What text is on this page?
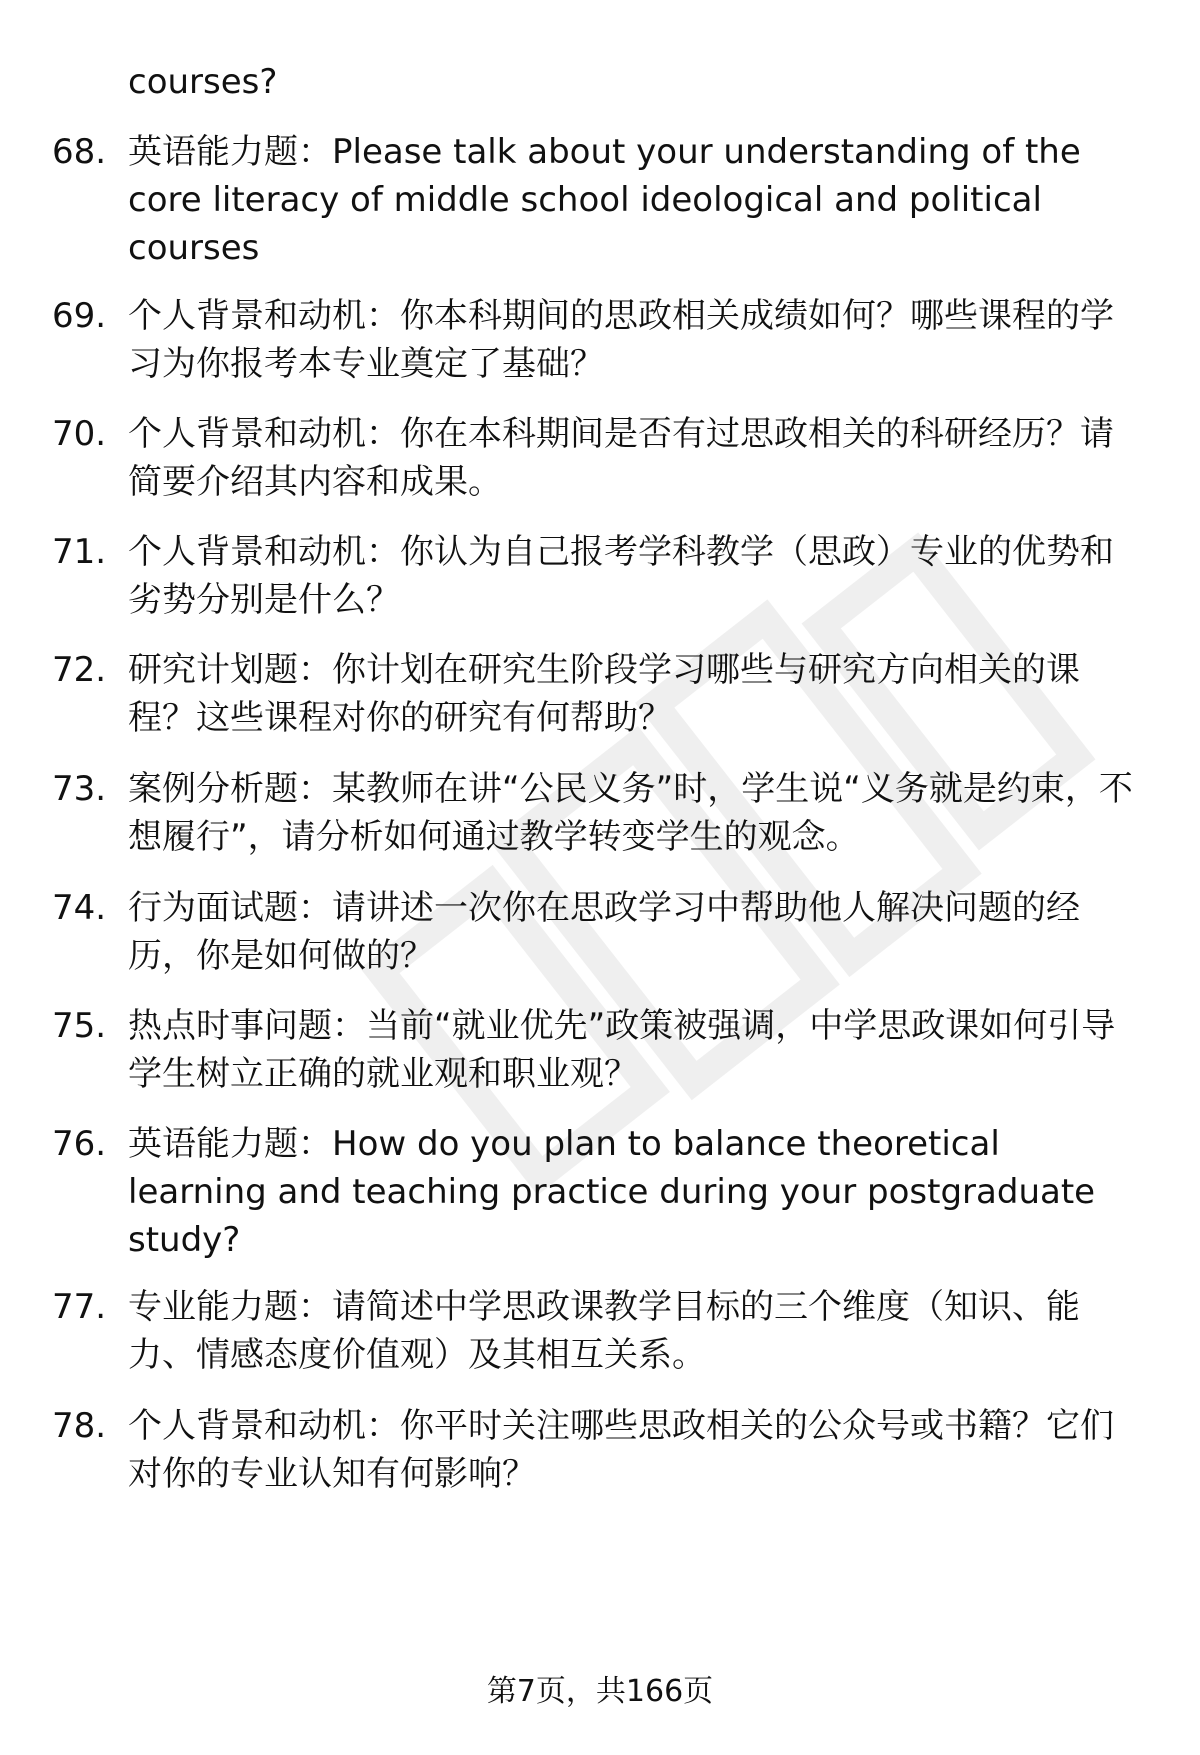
courses?
68. 英语能力题：Please talk about your understanding of the core literacy of middle school ideological and political courses
69. 个人背景和动机：你本科期间的思政相关成绩如何？哪些课程的学习为你报考本专业奠定了基础？
70. 个人背景和动机：你在本科期间是否有过思政相关的科研经历？请简要介绍其内容和成果。
71. 个人背景和动机：你认为自己报考学科教学（思政）专业的优势和劣势分别是什么？
72. 研究计划题：你计划在研究生阶段学习哪些与研究方向相关的课程？这些课程对你的研究有何帮助？
73. 案例分析题：某教师在讲“公民义务”时，学生说“义务就是约束，不想履行”，请分析如何通过教学转变学生的观念。
74. 行为面试题：请讲述一次你在思政学习中帮助他人解决问题的经历，你是如何做的？
75. 热点时事问题：当前“就业优先”政策被强调，中学思政课如何引导学生树立正确的就业观和职业观？
76. 英语能力题：How do you plan to balance theoretical learning and teaching practice during your postgraduate study?
77. 专业能力题：请简述中学思政课教学目标的三个维度（知识、能力、情感态度价值观）及其相互关系。
78. 个人背景和动机：你平时关注哪些思政相关的公众号或书籍？它们对你的专业认知有何影响？
第7页，共166页
